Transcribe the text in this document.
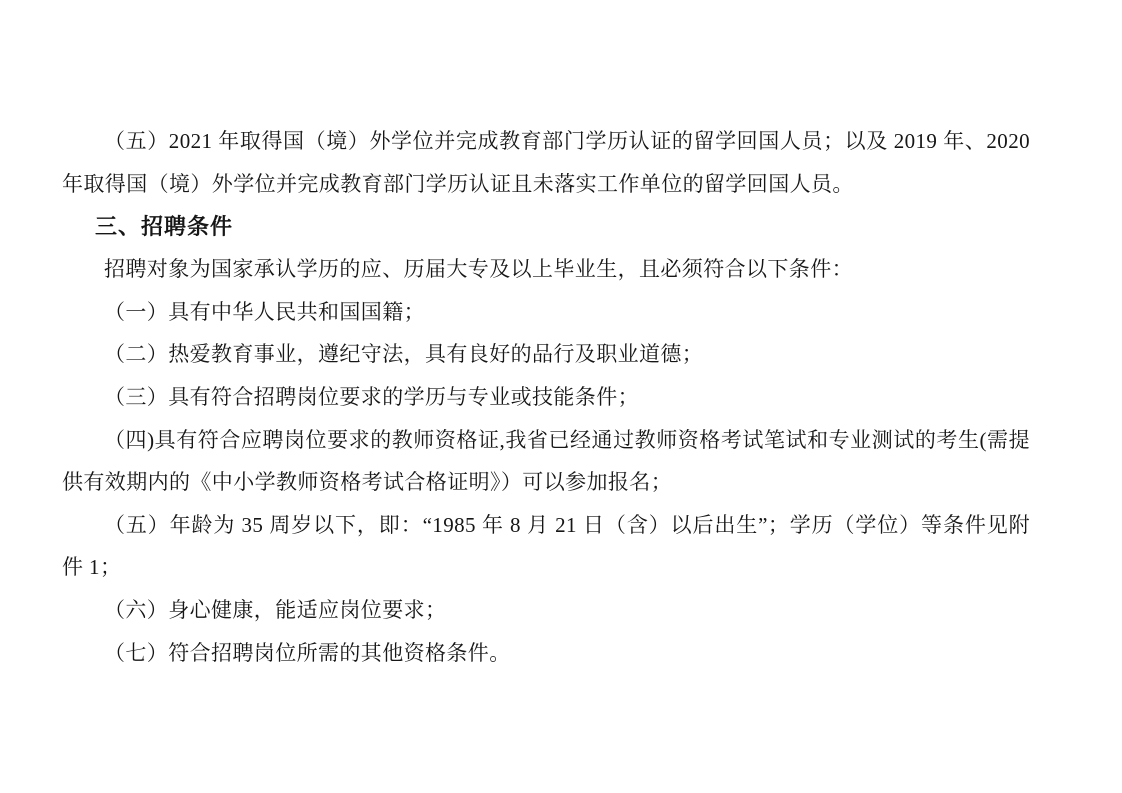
（五）2021 年取得国（境）外学位并完成教育部门学历认证的留学回国人员；以及 2019 年、2020 年取得国（境）外学位并完成教育部门学历认证且未落实工作单位的留学回国人员。

三、招聘条件

招聘对象为国家承认学历的应、历届大专及以上毕业生，且必须符合以下条件：

（一）具有中华人民共和国国籍；

（二）热爱教育事业，遵纪守法，具有良好的品行及职业道德；

（三）具有符合招聘岗位要求的学历与专业或技能条件；

（四)具有符合应聘岗位要求的教师资格证,我省已经通过教师资格考试笔试和专业测试的考生(需提供有效期内的《中小学教师资格考试合格证明》）可以参加报名；

（五）年龄为 35 周岁以下，即：“1985 年 8 月 21 日（含）以后出生”；学历（学位）等条件见附件 1；

（六）身心健康，能适应岗位要求；

（七）符合招聘岗位所需的其他资格条件。
